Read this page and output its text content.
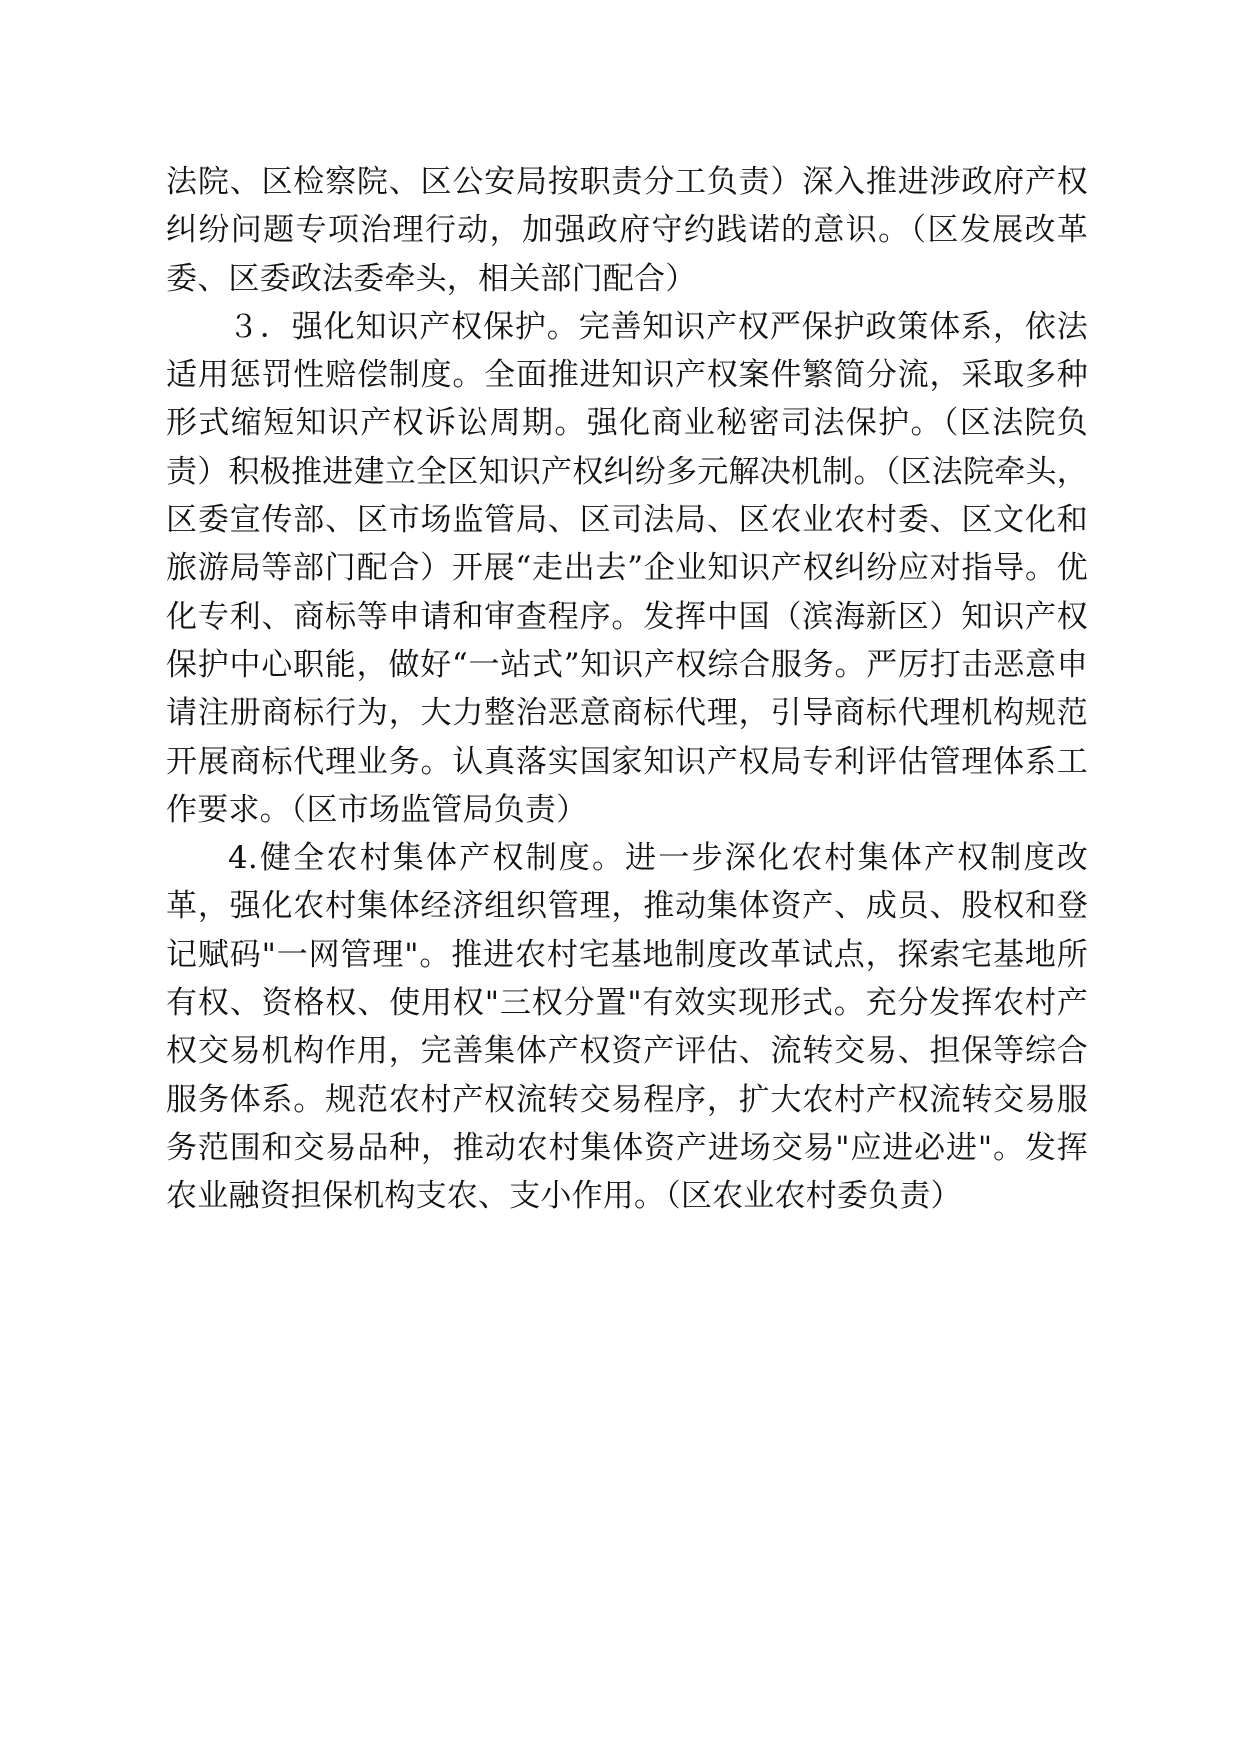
法院、区检察院、区公安局按职责分工负责）深入推进涉政府产权纠纷问题专项治理行动，加强政府守约践诺的意识。（区发展改革委、区委政法委牵头，相关部门配合）

３．强化知识产权保护。完善知识产权严保护政策体系，依法适用惩罚性赔偿制度。全面推进知识产权案件繁简分流，采取多种形式缩短知识产权诉讼周期。强化商业秘密司法保护。（区法院负责）积极推进建立全区知识产权纠纷多元解决机制。（区法院牵头，区委宣传部、区市场监管局、区司法局、区农业农村委、区文化和旅游局等部门配合）开展“走出去”企业知识产权纠纷应对指导。优化专利、商标等申请和审查程序。发挥中国（滨海新区）知识产权保护中心职能，做好“一站式”知识产权综合服务。严厉打击恶意申请注册商标行为，大力整治恶意商标代理，引导商标代理机构规范开展商标代理业务。认真落实国家知识产权局专利评估管理体系工作要求。（区市场监管局负责）

4.健全农村集体产权制度。进一步深化农村集体产权制度改革，强化农村集体经济组织管理，推动集体资产、成员、股权和登记赋码"一网管理"。推进农村宅基地制度改革试点，探索宅基地所有权、资格权、使用权"三权分置"有效实现形式。充分发挥农村产权交易机构作用，完善集体产权资产评估、流转交易、担保等综合服务体系。规范农村产权流转交易程序，扩大农村产权流转交易服务范围和交易品种，推动农村集体资产进场交易"应进必进"。发挥农业融资担保机构支农、支小作用。（区农业农村委负责）
